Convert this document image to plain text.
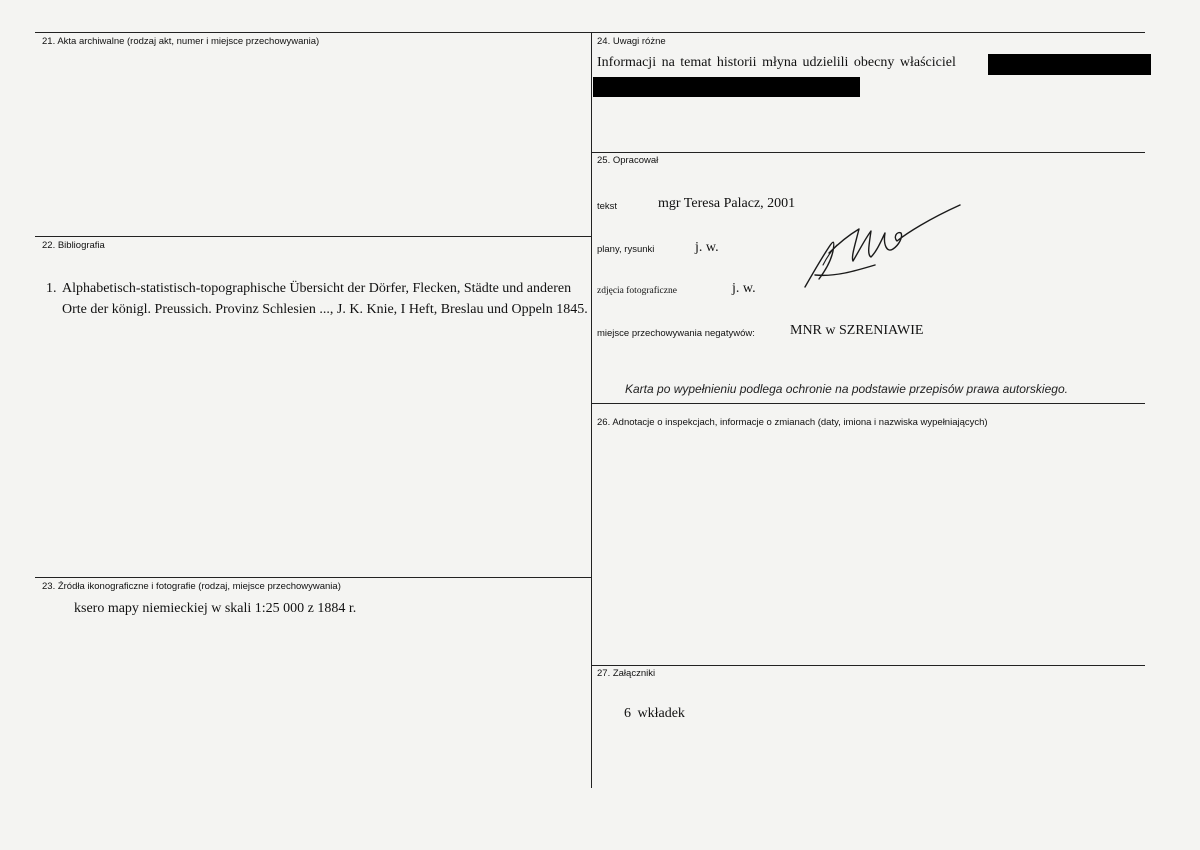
21. Akta archiwalne (rodzaj akt, numer i miejsce przechowywania)
22. Bibliografia
1. Alphabetisch-statistisch-topographische Übersicht der Dörfer, Flecken, Städte und anderen Orte der königl. Preussich. Provinz Schlesien ..., J. K. Knie, I Heft, Breslau und Oppeln 1845.
23. Źródła ikonograficzne i fotografie (rodzaj, miejsce przechowywania)
ksero mapy niemieckiej w skali 1:25 000 z 1884 r.
24. Uwagi różne
Informacji na temat historii młyna udzielili obecny właściciel
25. Opracował
tekst	mgr Teresa Palacz, 2001
plany, rysunki	j. w.
zdjęcia fotograficzne	j. w.
miejsce przechowywania negatywów:	MNR w SZRENIAWIE
Karta po wypełnieniu podlega ochronie na podstawie przepisów prawa autorskiego.
26. Adnotacje o inspekcjach, informacje o zmianach (daty, imiona i nazwiska wypełniających)
27. Załączniki
6 wkładek
